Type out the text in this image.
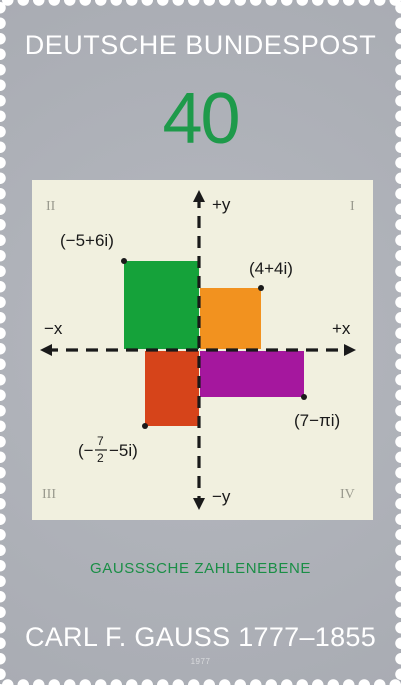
DEUTSCHE BUNDESPOST
40
+y
−y
+x
−x
II	I
III	IV
(−5+6i)
(4+4i)
(7−πi)
(− 7
2 −5i)
GAUSSSCHE ZAHLENEBENE
CARL F. GAUSS 1777–1855
1977
